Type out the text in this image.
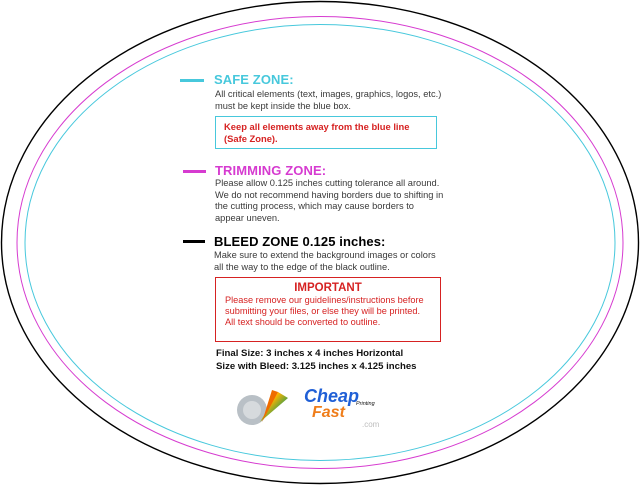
SAFE ZONE:
All critical elements (text, images, graphics, logos, etc.)
must be kept inside the blue box.
Keep all elements away from the blue line
(Safe Zone).
TRIMMING ZONE:
Please allow 0.125 inches cutting tolerance all around.
We do not recommend having borders due to shifting in
the cutting process, which may cause borders to
appear uneven.
BLEED ZONE 0.125 inches:
Make sure to extend the background images or colors
all the way to the edge of the black outline.
IMPORTANT
Please remove our guidelines/instructions before
submitting your files, or else they will be printed.
All text should be converted to outline.
Final Size: 3 inches x 4 inches Horizontal
Size with Bleed: 3.125 inches x 4.125 inches
Cheap
Printing
Fast
.com
